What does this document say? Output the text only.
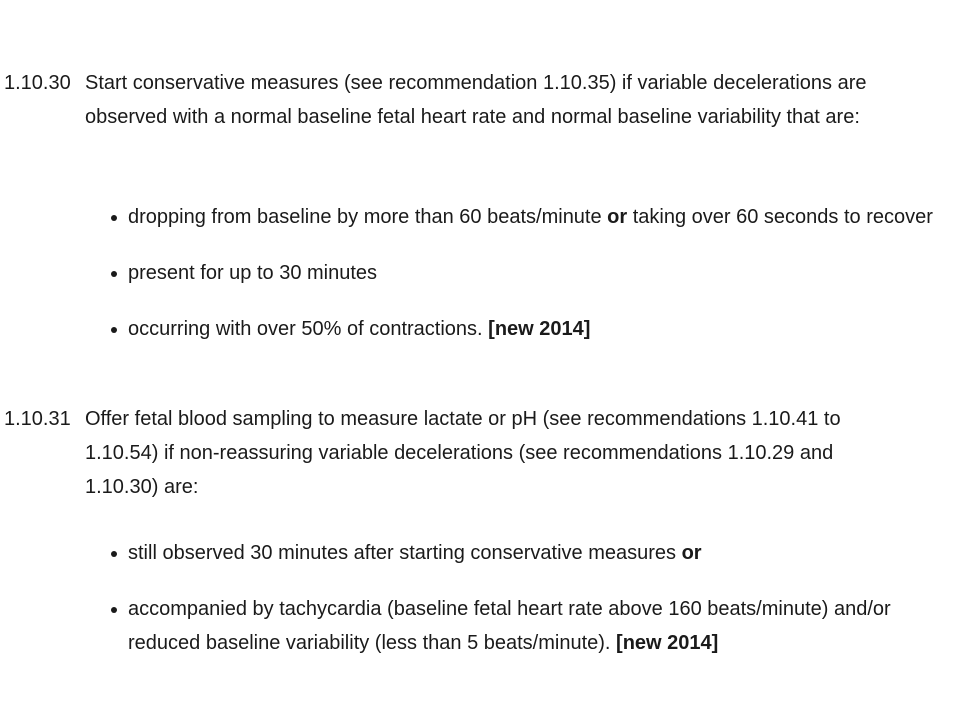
1.10.30 Start conservative measures (see recommendation 1.10.35) if variable decelerations are observed with a normal baseline fetal heart rate and normal baseline variability that are:
dropping from baseline by more than 60 beats/minute or taking over 60 seconds to recover
present for up to 30 minutes
occurring with over 50% of contractions. [new 2014]
1.10.31 Offer fetal blood sampling to measure lactate or pH (see recommendations 1.10.41 to 1.10.54) if non-reassuring variable decelerations (see recommendations 1.10.29 and 1.10.30) are:
still observed 30 minutes after starting conservative measures or
accompanied by tachycardia (baseline fetal heart rate above 160 beats/minute) and/or reduced baseline variability (less than 5 beats/minute). [new 2014]
